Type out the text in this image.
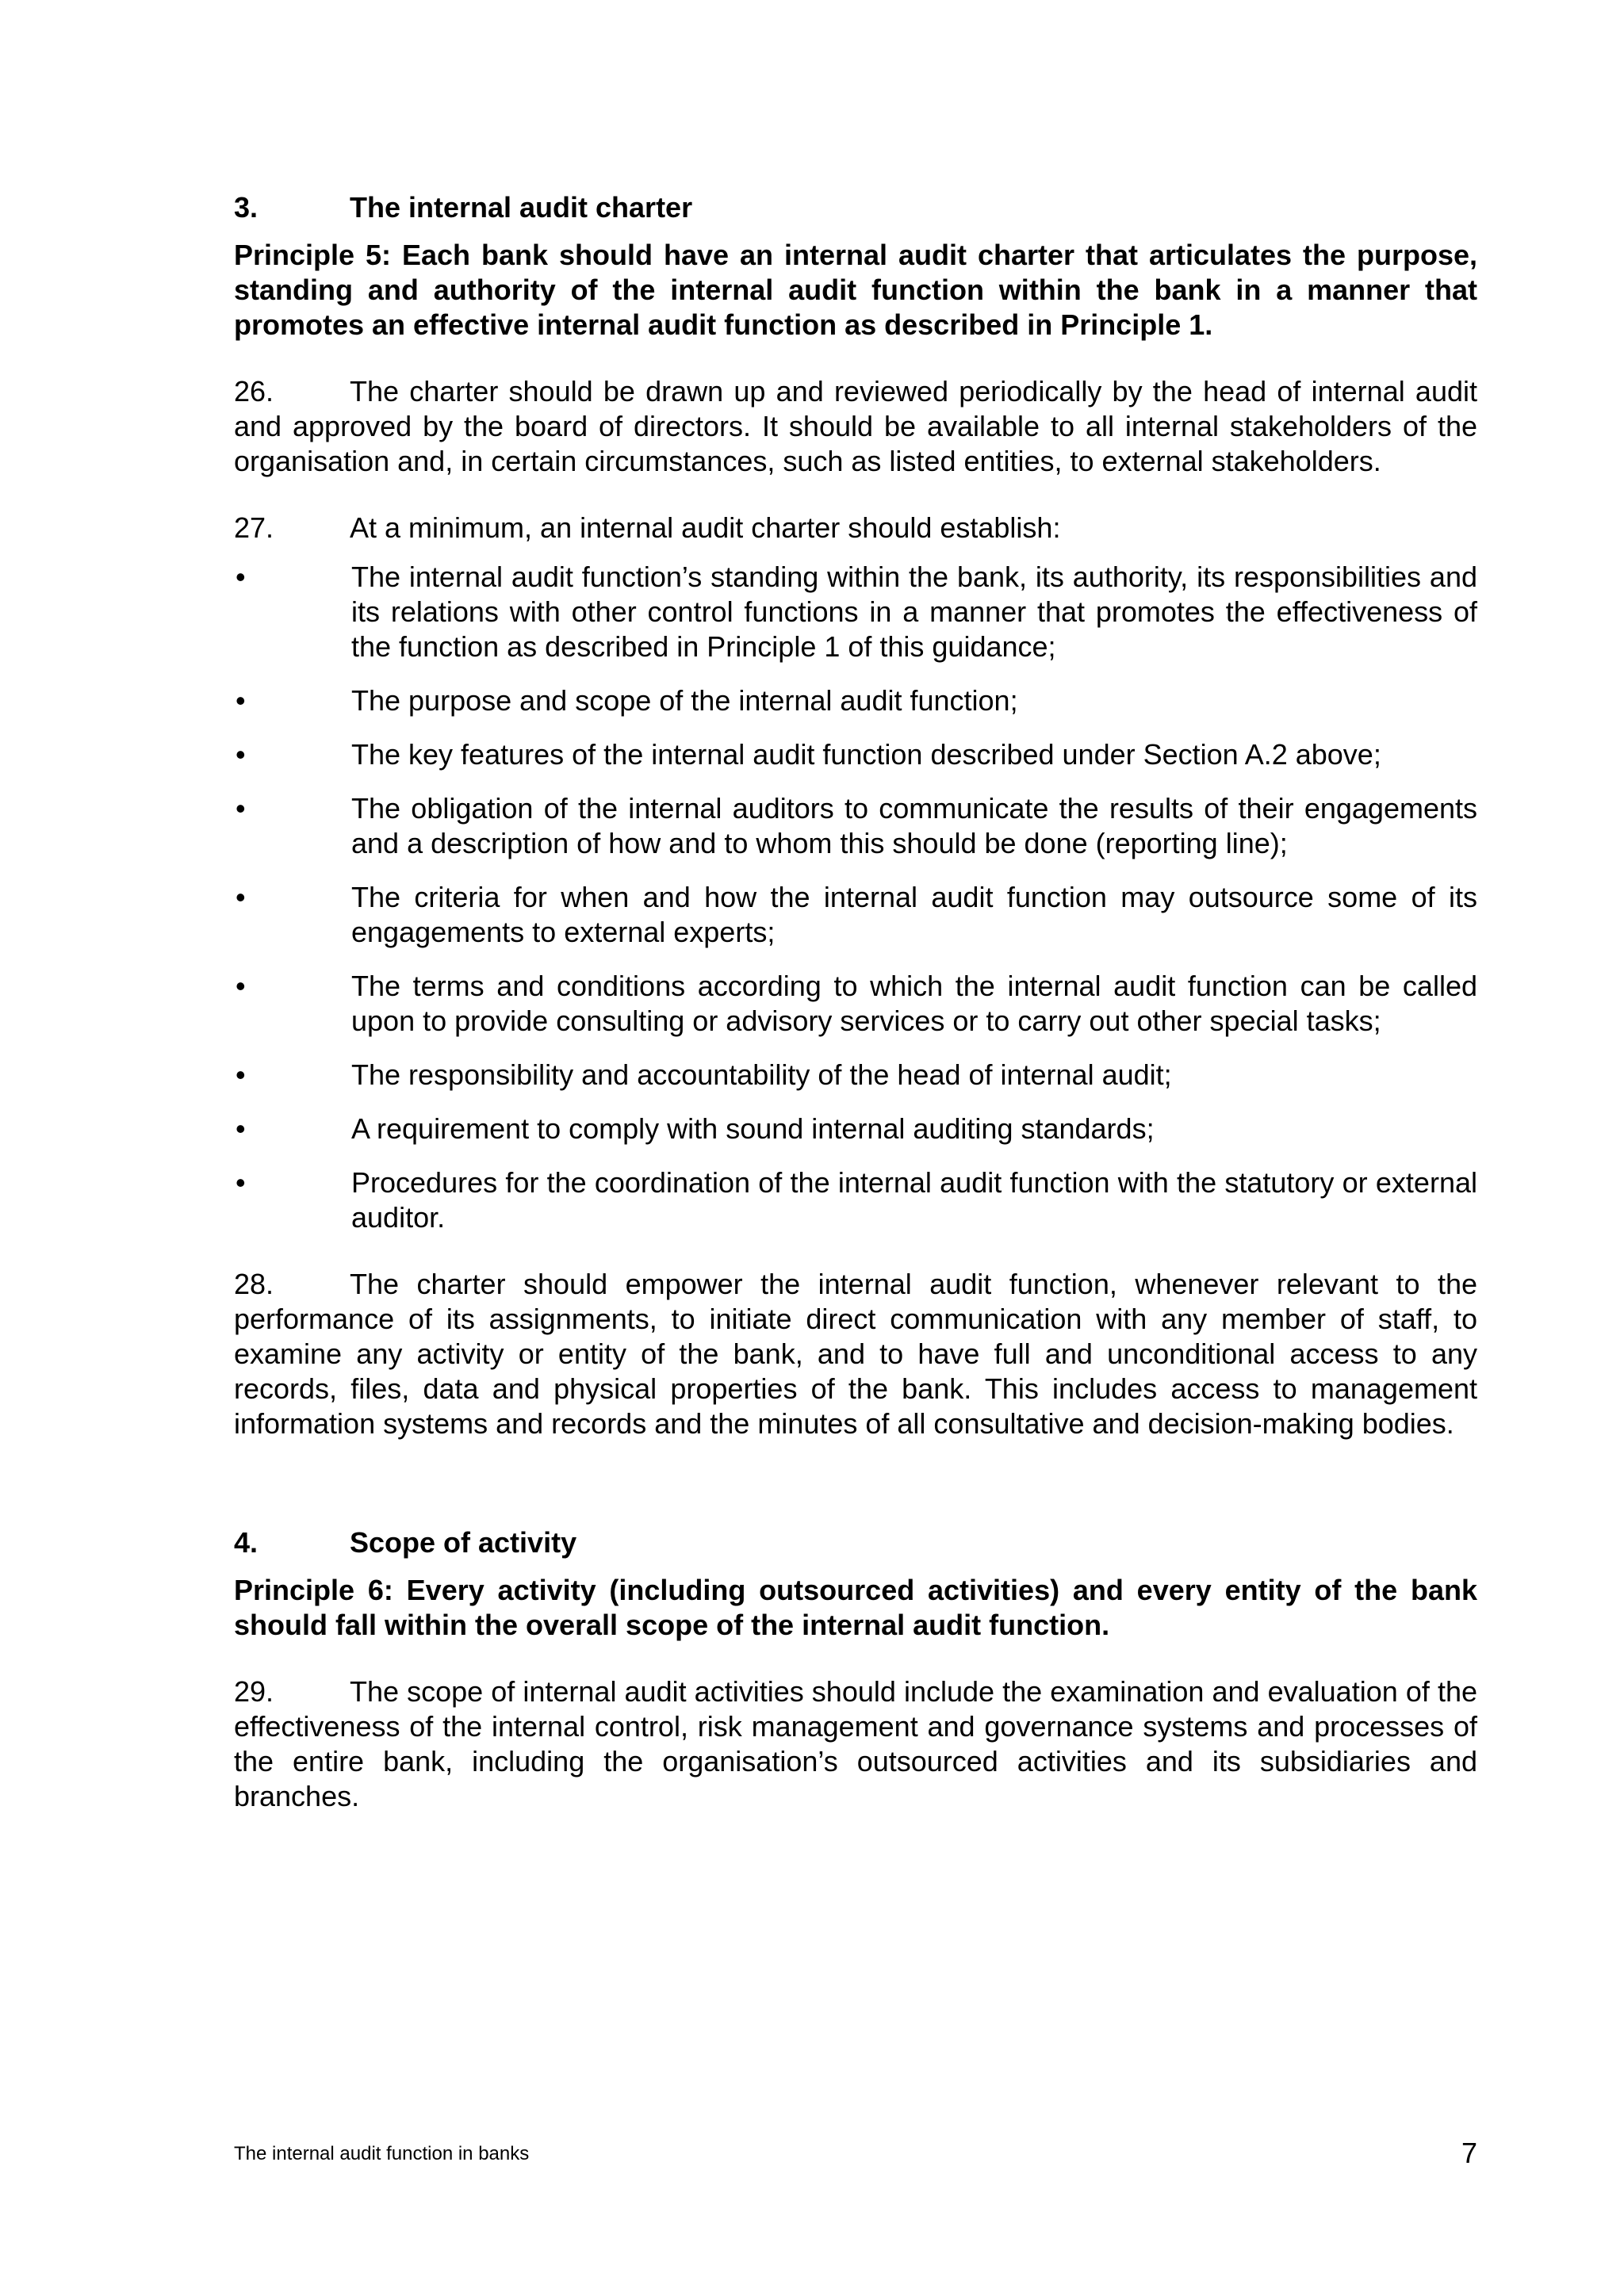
3.	The internal audit charter
Principle 5: Each bank should have an internal audit charter that articulates the purpose, standing and authority of the internal audit function within the bank in a manner that promotes an effective internal audit function as described in Principle 1.
26.	The charter should be drawn up and reviewed periodically by the head of internal audit and approved by the board of directors. It should be available to all internal stakeholders of the organisation and, in certain circumstances, such as listed entities, to external stakeholders.
27.	At a minimum, an internal audit charter should establish:
•	The internal audit function’s standing within the bank, its authority, its responsibilities and its relations with other control functions in a manner that promotes the effectiveness of the function as described in Principle 1 of this guidance;
•	The purpose and scope of the internal audit function;
•	The key features of the internal audit function described under Section A.2 above;
•	The obligation of the internal auditors to communicate the results of their engagements and a description of how and to whom this should be done (reporting line);
•	The criteria for when and how the internal audit function may outsource some of its engagements to external experts;
•	The terms and conditions according to which the internal audit function can be called upon to provide consulting or advisory services or to carry out other special tasks;
•	The responsibility and accountability of the head of internal audit;
•	A requirement to comply with sound internal auditing standards;
•	Procedures for the coordination of the internal audit function with the statutory or external auditor.
28.	The charter should empower the internal audit function, whenever relevant to the performance of its assignments, to initiate direct communication with any member of staff, to examine any activity or entity of the bank, and to have full and unconditional access to any records, files, data and physical properties of the bank. This includes access to management information systems and records and the minutes of all consultative and decision-making bodies.
4.	Scope of activity
Principle 6: Every activity (including outsourced activities) and every entity of the bank should fall within the overall scope of the internal audit function.
29.	The scope of internal audit activities should include the examination and evaluation of the effectiveness of the internal control, risk management and governance systems and processes of the entire bank, including the organisation’s outsourced activities and its subsidiaries and branches.
The internal audit function in banks	7
